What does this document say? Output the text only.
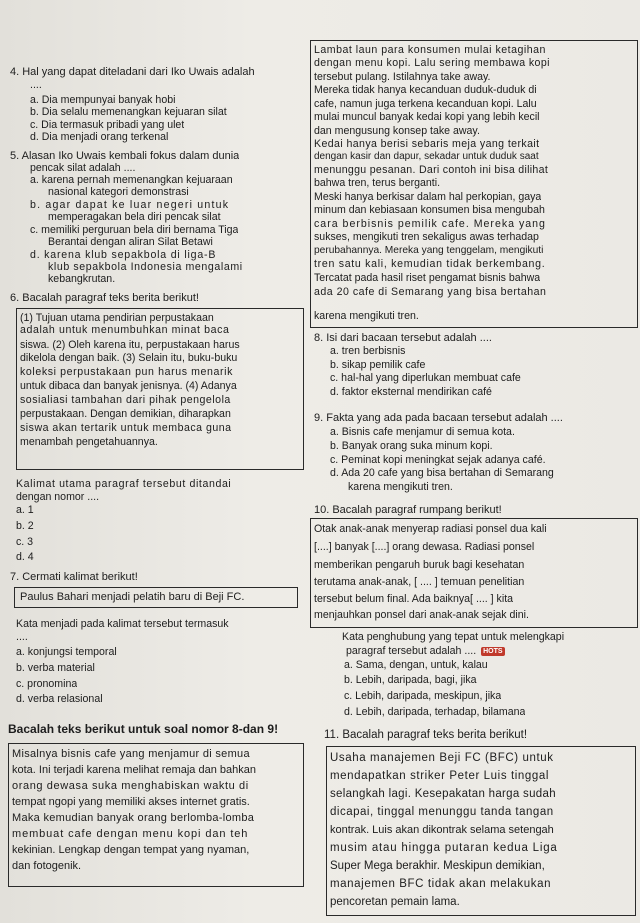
4. Hal yang dapat diteladani dari Iko Uwais adalah
....
a. Dia mempunyai banyak hobi
b. Dia selalu memenangkan kejuaran silat
c. Dia termasuk pribadi yang ulet
d. Dia menjadi orang terkenal
5. Alasan Iko Uwais kembali fokus dalam dunia
pencak silat adalah ....
a. karena pernah memenangkan kejuaraan
nasional kategori demonstrasi
b. agar dapat ke luar negeri untuk
memperagakan bela diri pencak silat
c. memiliki perguruan bela diri bernama Tiga
Berantai dengan aliran Silat Betawi
d. karena klub sepakbola di liga-B
klub sepakbola Indonesia mengalami
kebangkrutan.
6. Bacalah paragraf teks berita berikut!
(1) Tujuan utama pendirian perpustakaan
adalah untuk menumbuhkan minat baca
siswa. (2) Oleh karena itu, perpustakaan harus
dikelola dengan baik. (3) Selain itu, buku-buku
koleksi perpustakaan pun harus menarik
untuk dibaca dan banyak jenisnya. (4) Adanya
sosialiasi tambahan dari pihak pengelola
perpustakaan. Dengan demikian, diharapkan
siswa akan tertarik untuk membaca guna
menambah pengetahuannya.
Kalimat utama paragraf tersebut ditandai
dengan nomor ....
a. 1
b. 2
c. 3
d. 4
7. Cermati kalimat berikut!
Paulus Bahari menjadi pelatih baru di Beji FC.
Kata menjadi pada kalimat tersebut termasuk
....
a. konjungsi temporal
b. verba material
c. pronomina
d. verba relasional
Bacalah teks berikut untuk soal nomor 8-dan 9!
Misalnya bisnis cafe yang menjamur di semua
kota. Ini terjadi karena melihat remaja dan bahkan
orang dewasa suka menghabiskan waktu di
tempat ngopi yang memiliki akses internet gratis.
Maka kemudian banyak orang berlomba-lomba
membuat cafe dengan menu kopi dan teh
kekinian. Lengkap dengan tempat yang nyaman,
dan fotogenik.
Lambat laun para konsumen mulai ketagihan
dengan menu kopi. Lalu sering membawa kopi
tersebut pulang. Istilahnya take away.
Mereka tidak hanya kecanduan duduk-duduk di
cafe, namun juga terkena kecanduan kopi. Lalu
mulai muncul banyak kedai kopi yang lebih kecil
dan mengusung konsep take away.
Kedai hanya berisi sebaris meja yang terkait
dengan kasir dan dapur, sekadar untuk duduk saat
menunggu pesanan. Dari contoh ini bisa dilihat
bahwa tren, terus berganti.
Meski hanya berkisar dalam hal perkopian, gaya
minum dan kebiasaan konsumen bisa mengubah
cara berbisnis pemilik cafe. Mereka yang
sukses, mengikuti tren sekaligus awas terhadap
perubahannya. Mereka yang tenggelam, mengikuti
tren satu kali, kemudian tidak berkembang.
Tercatat pada hasil riset pengamat bisnis bahwa
ada 20 cafe di Semarang yang bisa bertahan
karena mengikuti tren.
8. Isi dari bacaan tersebut adalah ....
a. tren berbisnis
b. sikap pemilik cafe
c. hal-hal yang diperlukan membuat cafe
d. faktor eksternal mendirikan café
9. Fakta yang ada pada bacaan tersebut adalah ....
a. Bisnis cafe menjamur di semua kota.
b. Banyak orang suka minum kopi.
c. Peminat kopi meningkat sejak adanya café.
d. Ada 20 cafe yang bisa bertahan di Semarang
karena mengikuti tren.
10. Bacalah paragraf rumpang berikut!
Otak anak-anak menyerap radiasi ponsel dua kali
[....] banyak [....] orang dewasa. Radiasi ponsel
memberikan pengaruh buruk bagi kesehatan
terutama anak-anak, [ .... ] temuan penelitian
tersebut belum final. Ada baiknya[ .... ] kita
menjauhkan ponsel dari anak-anak sejak dini.
Kata penghubung yang tepat untuk melengkapi
paragraf tersebut adalah .... HOTS
a. Sama, dengan, untuk, kalau
b. Lebih, daripada, bagi, jika
c. Lebih, daripada, meskipun, jika
d. Lebih, daripada, terhadap, bilamana
11. Bacalah paragraf teks berita berikut!
Usaha manajemen Beji FC (BFC) untuk
mendapatkan striker Peter Luis tinggal
selangkah lagi. Kesepakatan harga sudah
dicapai, tinggal menunggu tanda tangan
kontrak. Luis akan dikontrak selama setengah
musim atau hingga putaran kedua Liga
Super Mega berakhir. Meskipun demikian,
manajemen BFC tidak akan melakukan
pencoretan pemain lama.
